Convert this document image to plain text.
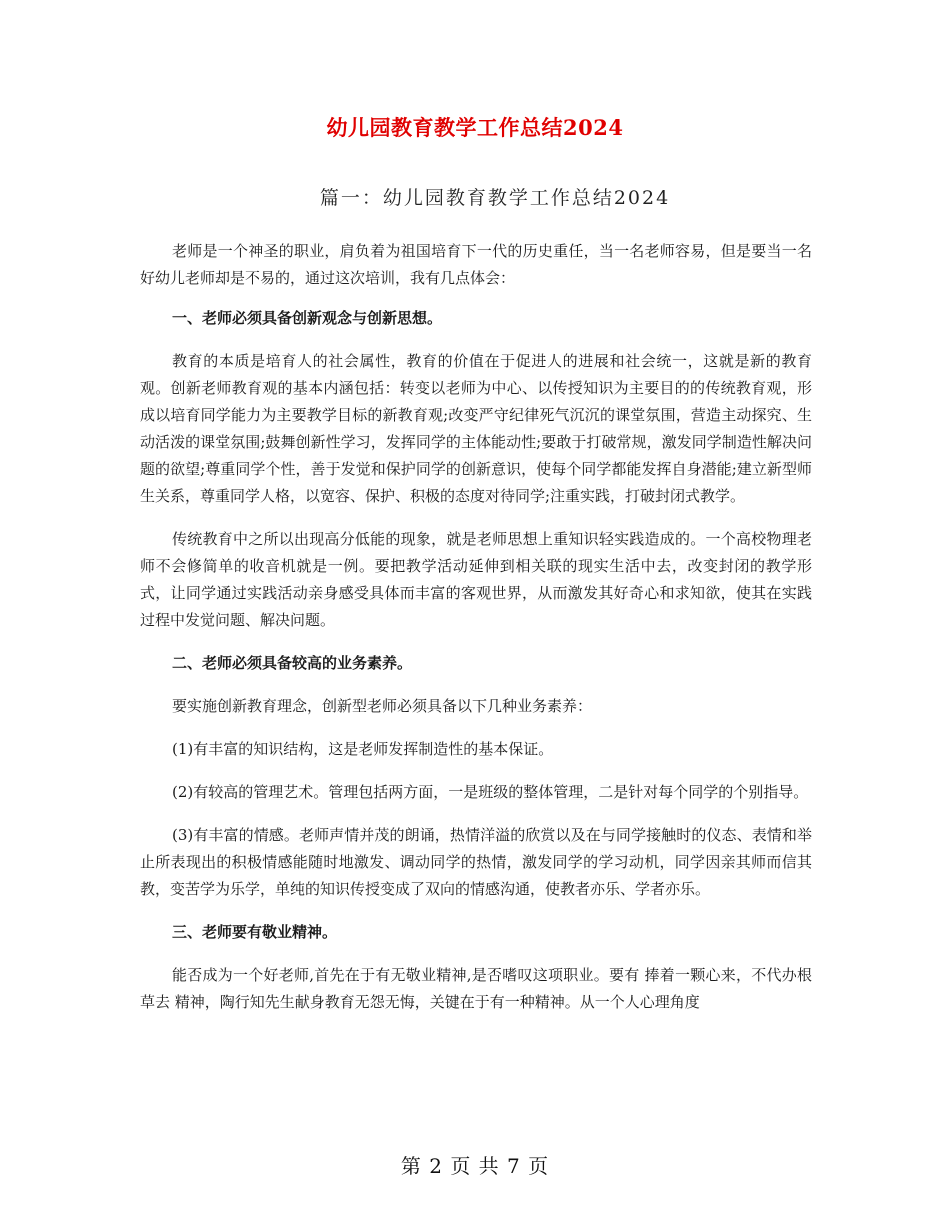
幼儿园教育教学工作总结2024
篇一：幼儿园教育教学工作总结2024

老师是一个神圣的职业，肩负着为祖国培育下一代的历史重任，当一名老师容易，但是要当一名好幼儿老师却是不易的，通过这次培训，我有几点体会：

一、老师必须具备创新观念与创新思想。

教育的本质是培育人的社会属性，教育的价值在于促进人的进展和社会统一，这就是新的教育观。创新老师教育观的基本内涵包括：转变以老师为中心、以传授知识为主要目的的传统教育观，形成以培育同学能力为主要教学目标的新教育观;改变严守纪律死气沉沉的课堂氛围，营造主动探究、生动活泼的课堂氛围;鼓舞创新性学习，发挥同学的主体能动性;要敢于打破常规，激发同学制造性解决问题的欲望;尊重同学个性，善于发觉和保护同学的创新意识，使每个同学都能发挥自身潜能;建立新型师生关系，尊重同学人格，以宽容、保护、积极的态度对待同学;注重实践，打破封闭式教学。

传统教育中之所以出现高分低能的现象，就是老师思想上重知识轻实践造成的。一个高校物理老师不会修简单的收音机就是一例。要把教学活动延伸到相关联的现实生活中去，改变封闭的教学形式，让同学通过实践活动亲身感受具体而丰富的客观世界，从而激发其好奇心和求知欲，使其在实践过程中发觉问题、解决问题。

二、老师必须具备较高的业务素养。

要实施创新教育理念，创新型老师必须具备以下几种业务素养：

(1)有丰富的知识结构，这是老师发挥制造性的基本保证。

(2)有较高的管理艺术。管理包括两方面，一是班级的整体管理，二是针对每个同学的个别指导。

(3)有丰富的情感。老师声情并茂的朗诵，热情洋溢的欣赏以及在与同学接触时的仪态、表情和举止所表现出的积极情感能随时地激发、调动同学的热情，激发同学的学习动机，同学因亲其师而信其教，变苦学为乐学，单纯的知识传授变成了双向的情感沟通，使教者亦乐、学者亦乐。

三、老师要有敬业精神。

能否成为一个好老师,首先在于有无敬业精神,是否嗜叹这项职业。要有 捧着一颗心来，不代办根草去 精神，陶行知先生献身教育无怨无悔，关键在于有一种精神。从一个人心理角度

第 2 页 共 7 页
